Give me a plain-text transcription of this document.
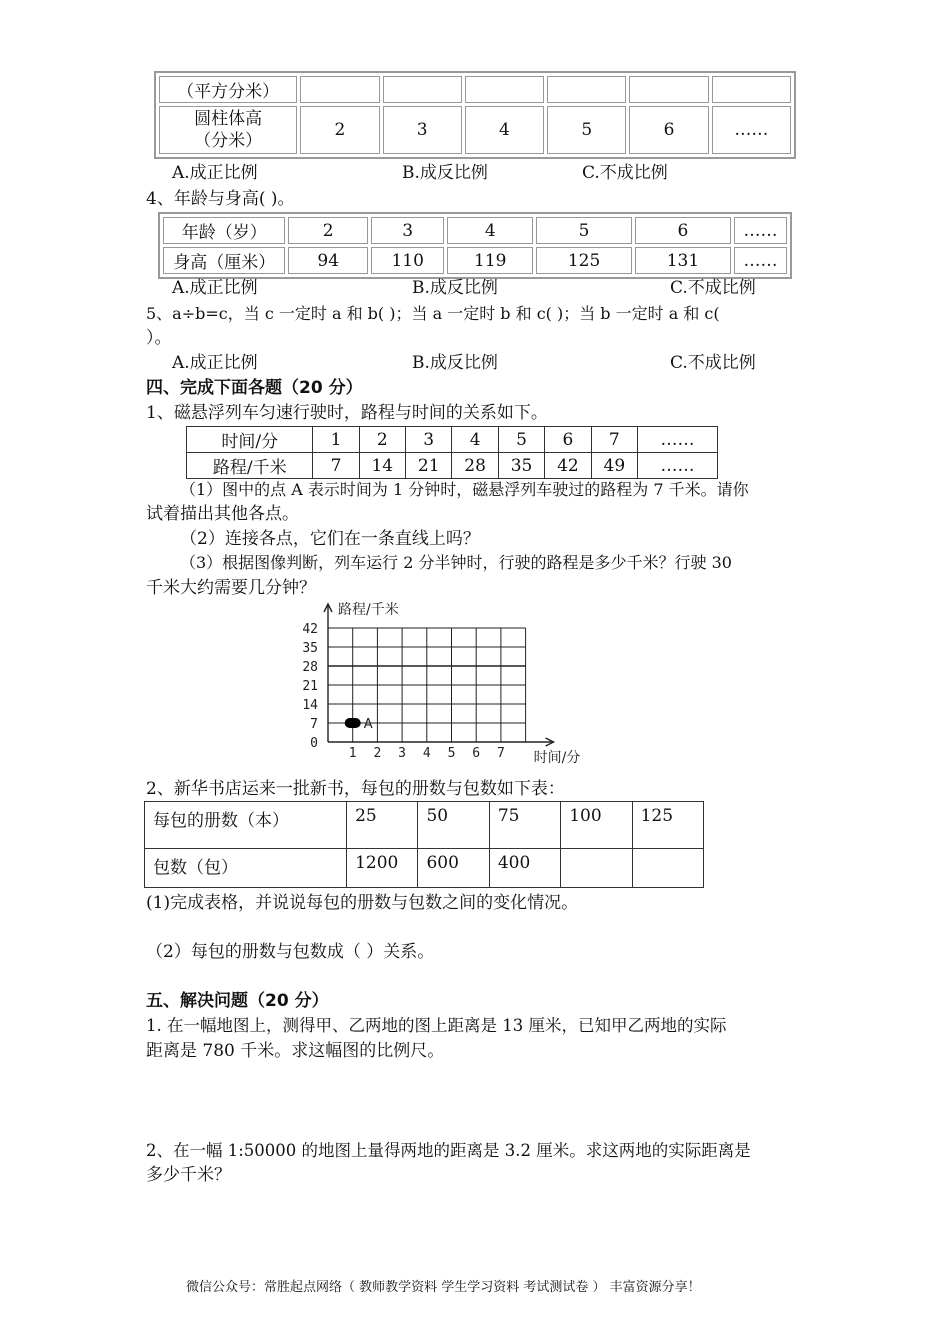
（平方分米）						

圆柱体高
（分米）	2	3	4	5	6	……
A.成正比例	B.成反比例	C.不成比例
4、年龄与身高( )。
年龄（岁）	2	3	4	5	6	……
身高（厘米）	94	110	119	125	131	……
A.成正比例	B.成反比例	C.不成比例
5、a÷b=c，当 c 一定时 a 和 b( )；当 a 一定时 b 和 c( )；当 b 一定时 a 和 c(
）。
A.成正比例	B.成反比例	C.不成比例
四、完成下面各题（20 分）
1、磁悬浮列车匀速行驶时，路程与时间的关系如下。
时间/分	1	2	3	4	5	6	7	……
路程/千米	7	14	21	28	35	42	49	……
（1）图中的点 A 表示时间为 1 分钟时，磁悬浮列车驶过的路程为 7 千米。请你
试着描出其他各点。
（2）连接各点，它们在一条直线上吗？
（3）根据图像判断，列车运行 2 分半钟时，行驶的路程是多少千米？行驶 30
千米大约需要几分钟？
路程/千米
时间/分
0
7
14
21
28
35
42
1 2 3 4 5 6 7
A
2、新华书店运来一批新书，每包的册数与包数如下表：
每包的册数（本）	25	50	75	100	125
包数（包）	1200	600	400		
(1)完成表格，并说说每包的册数与包数之间的变化情况。
（2）每包的册数与包数成（ ）关系。
五、解决问题（20 分）
1. 在一幅地图上，测得甲、乙两地的图上距离是 13 厘米，已知甲乙两地的实际
距离是 780 千米。求这幅图的比例尺。
2、在一幅 1:50000 的地图上量得两地的距离是 3.2 厘米。求这两地的实际距离是
多少千米？
微信公众号：常胜起点网络（ 教师教学资料 学生学习资料 考试测试卷 ） 丰富资源分享！
